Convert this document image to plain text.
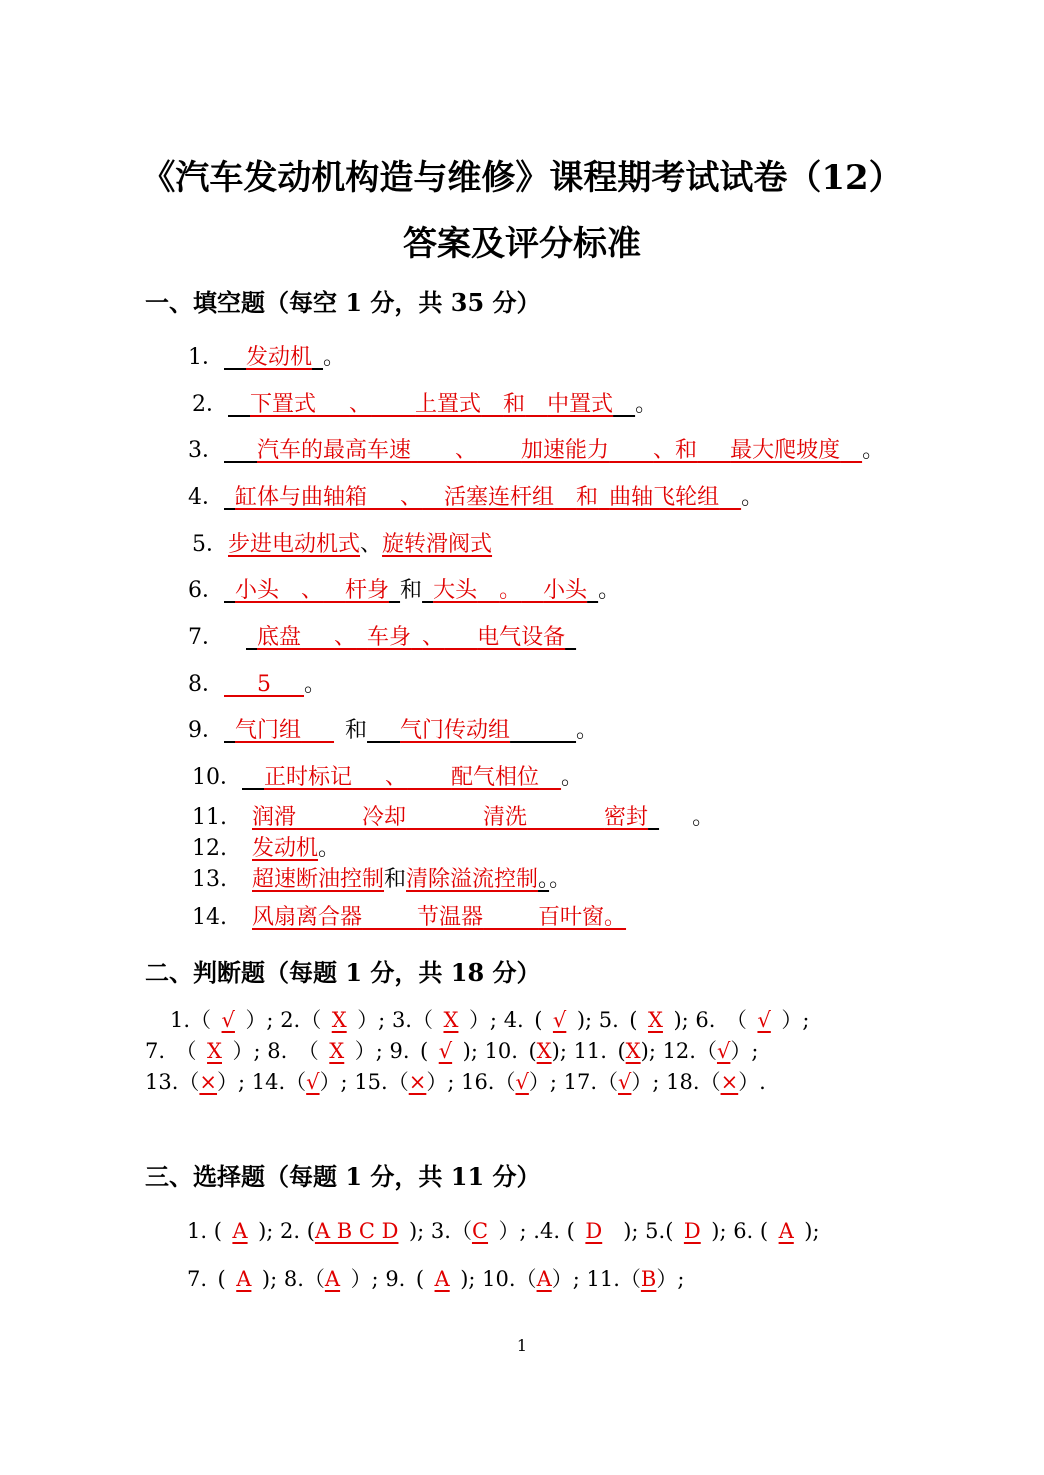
《汽车发动机构造与维修》课程期考试试卷（12）
答案及评分标准
一、填空题（每空 1 分，共 35 分）
1．  发动机  。
2．  下置式   、   上置式  和  中置式  。
3．   汽车的最高车速   、   加速能力   、和   最大爬坡度  。
4．  缸体与曲轴箱   、  活塞连杆组  和  曲轴飞轮组  。
5．步进电动机式、旋转滑阀式
6．  小头  、  杆身  和  大头  。  小头  。
7．   底盘   、  车身  、   电气设备 
8．   5   。
9．  气门组    和   气门传动组   	。
10．  正时标记   、   配气相位  。
11. 润滑   	冷却    	清洗    	密封    。
12. 发动机。
13. 超速断油控制和清除溢流控制。。
14. 风扇离合器   	节温器   	百叶窗。
二、判断题（每题 1 分，共 18 分）
1.（ √ ）; 2.（ X ）; 3.（ X ）; 4. ( √ ); 5. ( X ); 6. （ √ ）;
7. （ X ）; 8. （ X ）; 9. ( √ ); 10. (X); 11. (X); 12.（√）;
13.（×）; 14.（√）; 15.（×）; 16.（√）; 17.（√）; 18.（×）.
三、选择题（每题 1 分，共 11 分）
1. ( A ); 2. (A B C D ); 3.（C ）; .4. ( D ); 5.( D ); 6. ( A );
7. ( A ); 8.（A ）; 9. ( A ); 10.（A）; 11.（B）;
1
